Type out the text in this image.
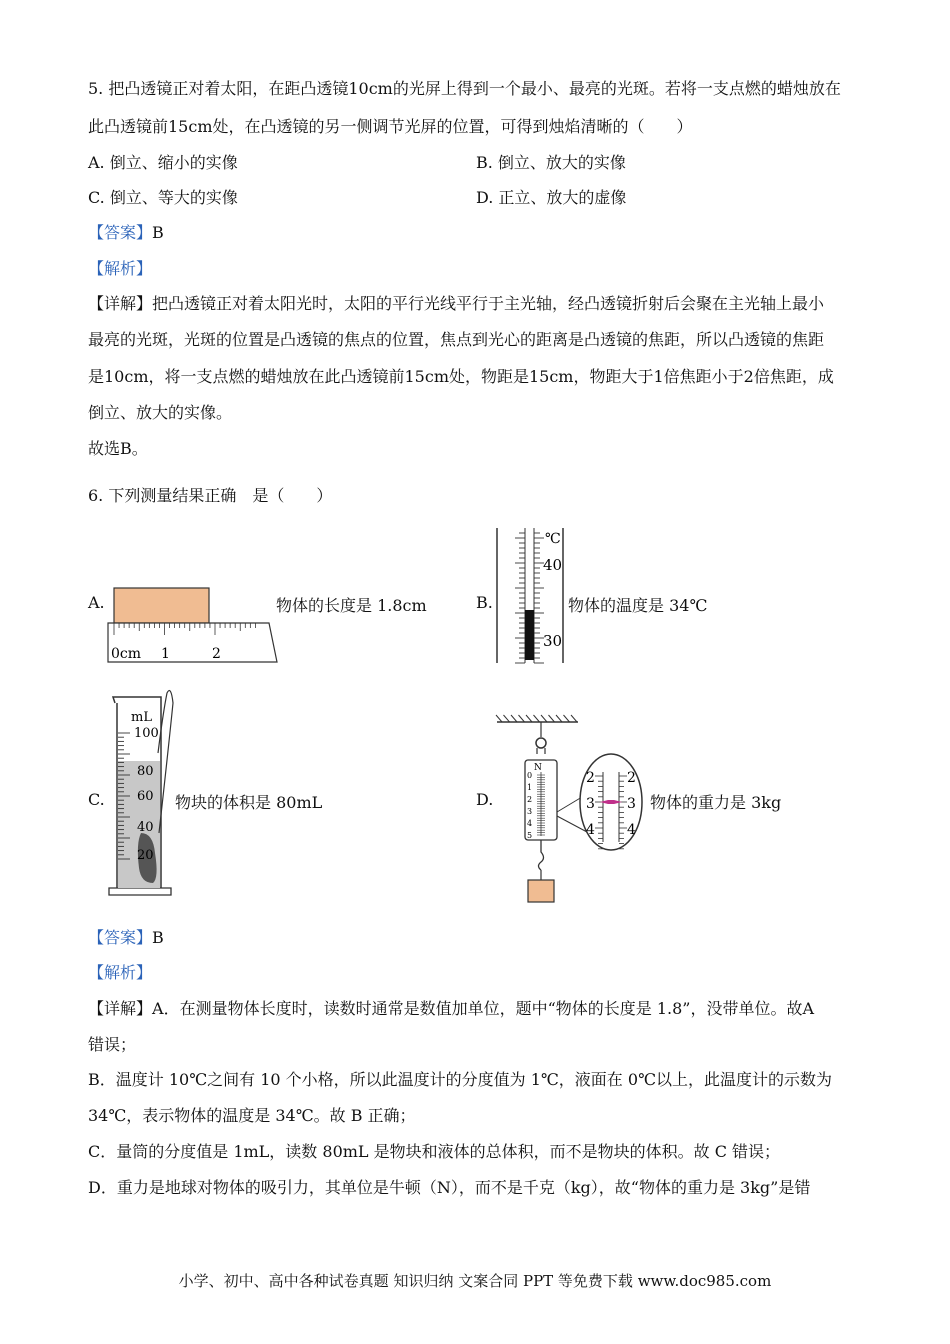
5. 把凸透镜正对着太阳，在距凸透镜10cm的光屏上得到一个最小、最亮的光斑。若将一支点燃的蜡烛放在
此凸透镜前15cm处，在凸透镜的另一侧调节光屏的位置，可得到烛焰清晰的（　　）
A. 倒立、缩小的实像	B. 倒立、放大的实像
C. 倒立、等大的实像	D. 正立、放大的虚像
【答案】B
【解析】
【详解】把凸透镜正对着太阳光时，太阳的平行光线平行于主光轴，经凸透镜折射后会聚在主光轴上最小
最亮的光斑，光斑的位置是凸透镜的焦点的位置，焦点到光心的距离是凸透镜的焦距，所以凸透镜的焦距
是10cm，将一支点燃的蜡烛放在此凸透镜前15cm处，物距是15cm，物距大于1倍焦距小于2倍焦距，成
倒立、放大的实像。
故选B。
6. 下列测量结果正确　是（　　）
A.
0cm 1	2
物体的长度是 1.8cm	B.
℃
40
30
物体的温度是 34℃
C.
mL
100
80
60
40
20
物块的体积是 80mL	D.
N
0
1
2
3
4
5
2
3
4
2
3
4
物体的重力是 3kg
【答案】B
【解析】
【详解】A．在测量物体长度时，读数时通常是数值加单位，题中“物体的长度是 1.8”，没带单位。故A
错误；
B．温度计 10℃之间有 10 个小格，所以此温度计的分度值为 1℃，液面在 0℃以上，此温度计的示数为
34℃，表示物体的温度是 34℃。故 B 正确；
C．量筒的分度值是 1mL，读数 80mL 是物块和液体的总体积，而不是物块的体积。故 C 错误；
D．重力是地球对物体的吸引力，其单位是牛顿（N），而不是千克（kg），故“物体的重力是 3kg”是错
小学、初中、高中各种试卷真题 知识归纳 文案合同 PPT 等免费下载 www.doc985.com
